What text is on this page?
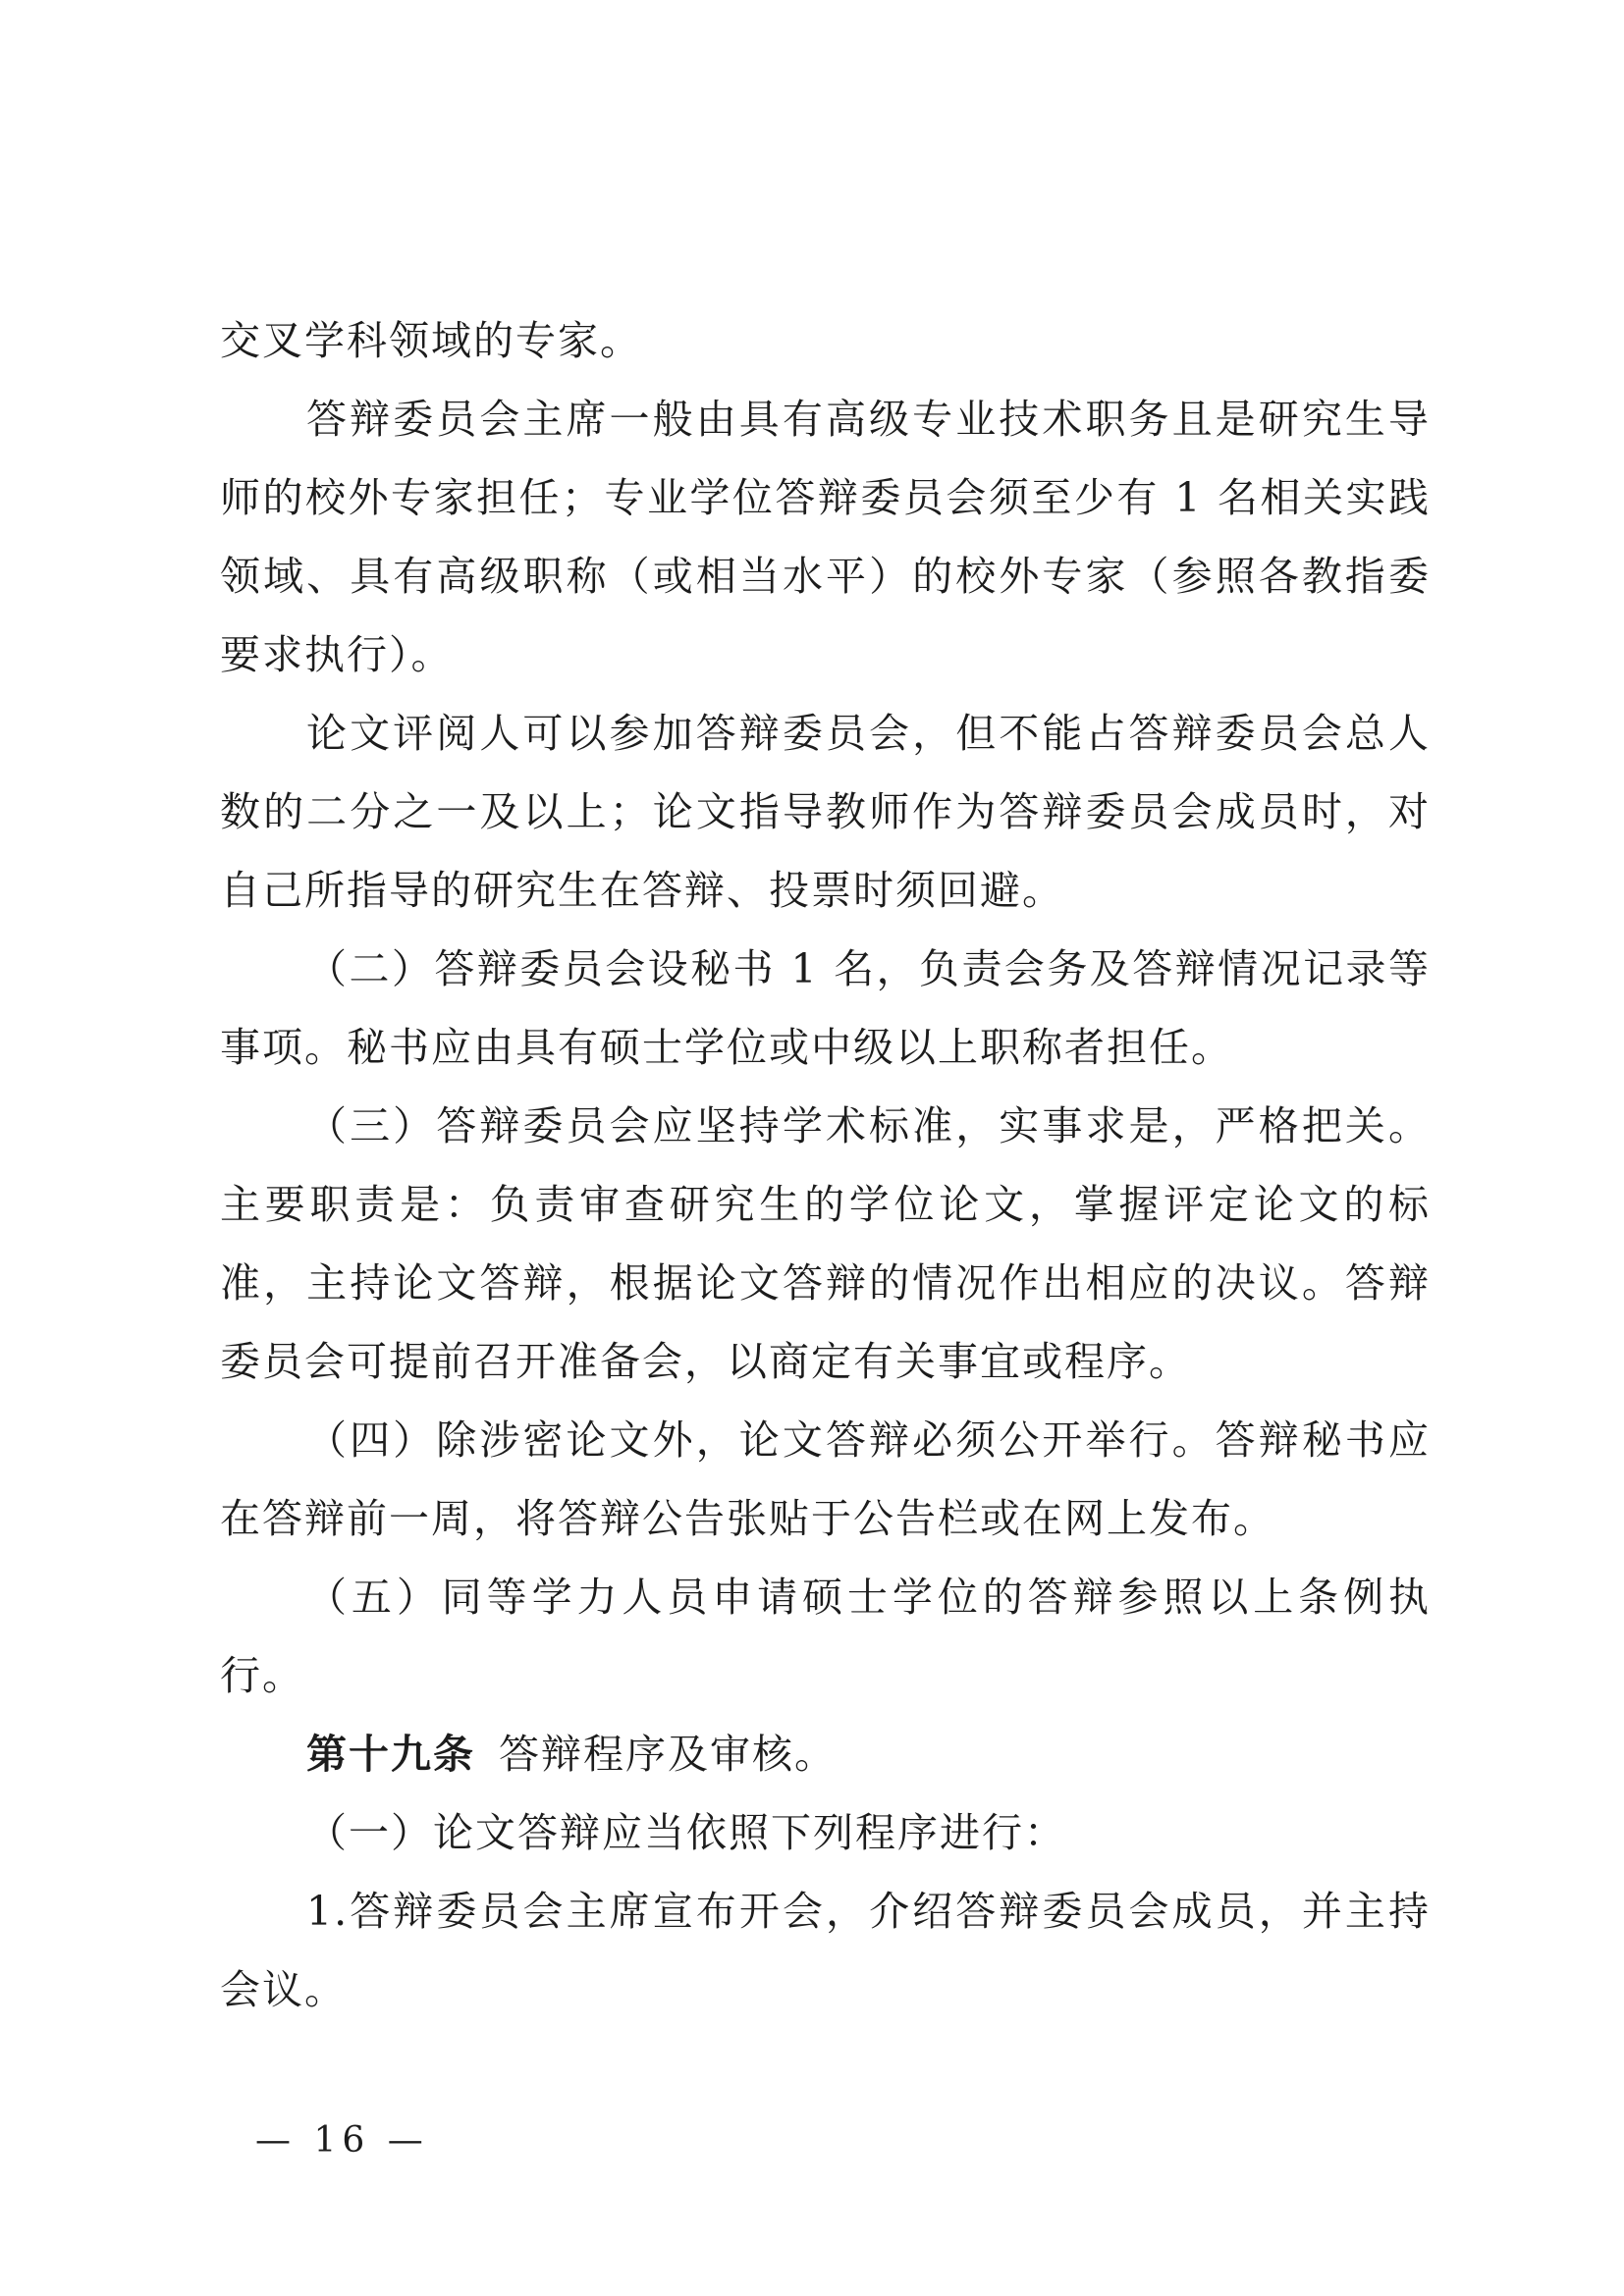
交叉学科领域的专家。

答辩委员会主席一般由具有高级专业技术职务且是研究生导师的校外专家担任；专业学位答辩委员会须至少有 1 名相关实践领域、具有高级职称（或相当水平）的校外专家（参照各教指委要求执行）。

论文评阅人可以参加答辩委员会，但不能占答辩委员会总人数的二分之一及以上；论文指导教师作为答辩委员会成员时，对自己所指导的研究生在答辩、投票时须回避。

（二）答辩委员会设秘书 1 名，负责会务及答辩情况记录等事项。秘书应由具有硕士学位或中级以上职称者担任。

（三）答辩委员会应坚持学术标准，实事求是，严格把关。主要职责是：负责审查研究生的学位论文，掌握评定论文的标准，主持论文答辩，根据论文答辩的情况作出相应的决议。答辩委员会可提前召开准备会，以商定有关事宜或程序。

（四）除涉密论文外，论文答辩必须公开举行。答辩秘书应在答辩前一周，将答辩公告张贴于公告栏或在网上发布。

（五）同等学力人员申请硕士学位的答辩参照以上条例执行。

第十九条 答辩程序及审核。

（一）论文答辩应当依照下列程序进行：

1.答辩委员会主席宣布开会，介绍答辩委员会成员，并主持会议。

— 16 —
